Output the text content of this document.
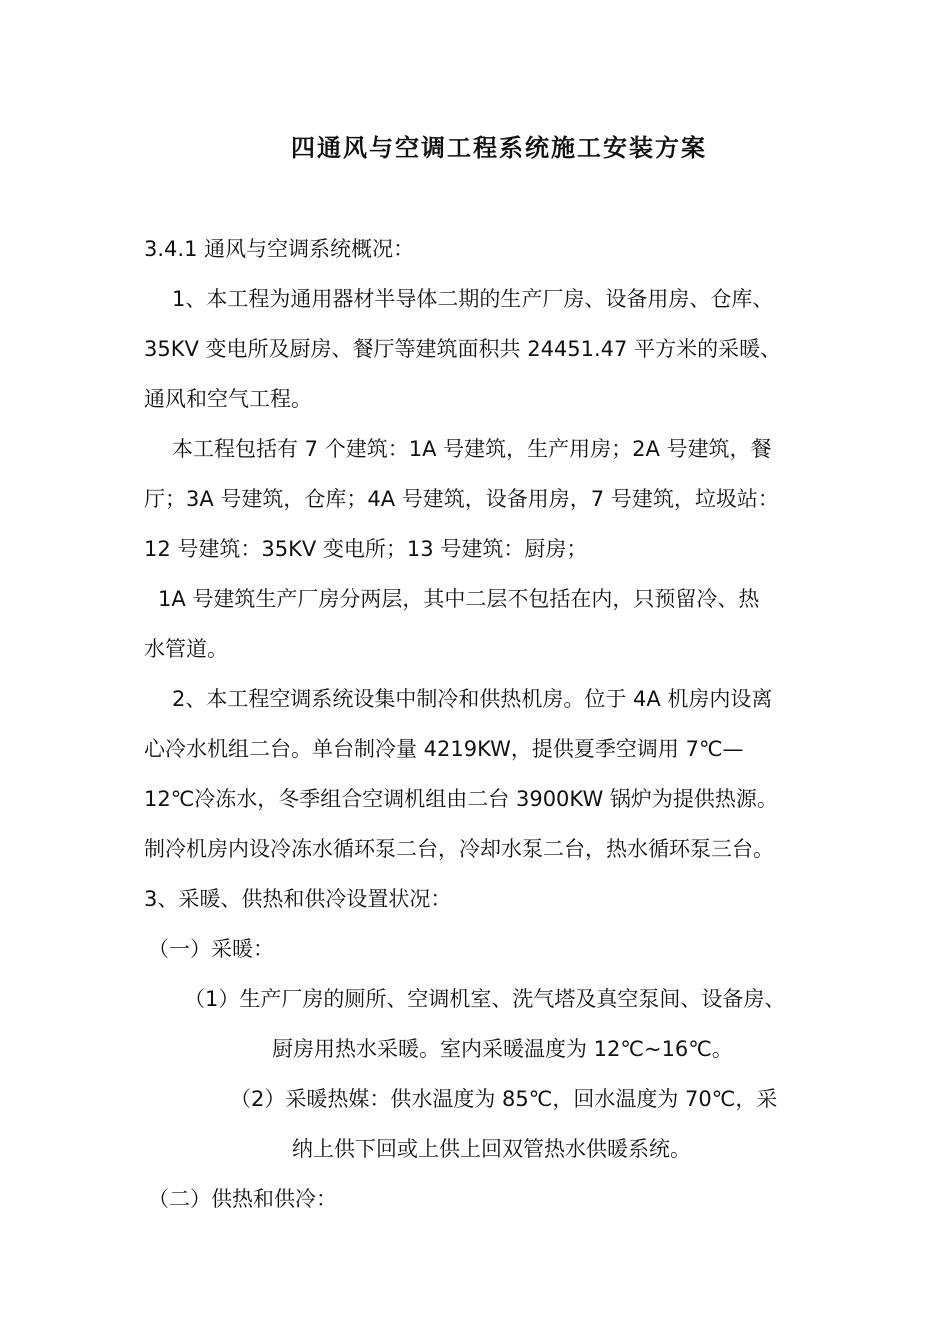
四通风与空调工程系统施工安装方案
3.4.1 通风与空调系统概况：
1、本工程为通用器材半导体二期的生产厂房、设备用房、仓库、
35KV 变电所及厨房、餐厅等建筑面积共 24451.47 平方米的采暖、
通风和空气工程。
本工程包括有 7 个建筑：1A 号建筑，生产用房；2A 号建筑，餐
厅；3A 号建筑，仓库；4A 号建筑，设备用房，7 号建筑，垃圾站：
12 号建筑：35KV 变电所；13 号建筑：厨房；
1A 号建筑生产厂房分两层，其中二层不包括在内，只预留冷、热
水管道。
2、本工程空调系统设集中制冷和供热机房。位于 4A 机房内设离
心冷水机组二台。单台制冷量 4219KW，提供夏季空调用 7℃—
12℃冷冻水，冬季组合空调机组由二台 3900KW 锅炉为提供热源。
制冷机房内设冷冻水循环泵二台，冷却水泵二台，热水循环泵三台。
3、采暖、供热和供冷设置状况：
（一）采暖：
（1）生产厂房的厕所、空调机室、洗气塔及真空泵间、设备房、
厨房用热水采暖。室内采暖温度为 12℃~16℃。
（2）采暖热媒：供水温度为 85℃，回水温度为 70℃，采
纳上供下回或上供上回双管热水供暖系统。
（二）供热和供冷：
